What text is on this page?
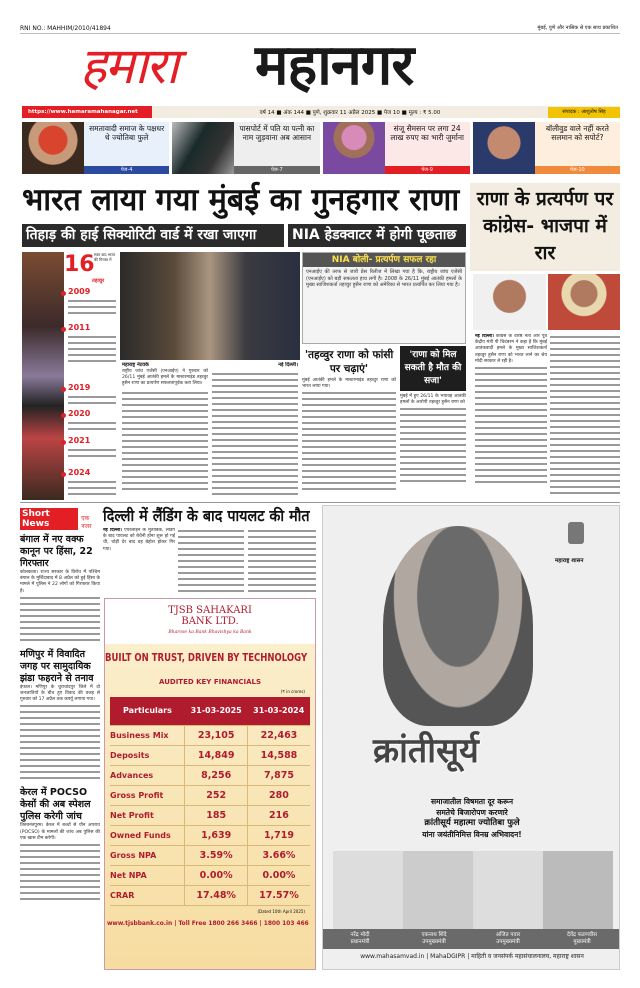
RNI NO.: MAHHIM/2010/41894	मुंबई, पुणे और नासिक से एक साथ प्रकाशित
हमारा महानगर
https://www.hamaramahanagar.net	वर्ष 14 ■ अंक 144 ■ पुणे, शुक्रवार 11 अप्रैल 2025 ■ पेज 10 ■ मूल्य : ₹ 5.00	संपादक : आशुतोष सिंह
समतावादी समाज के पक्षधर थे ज्योतिबा फुले
पेज-4
पासपोर्ट में पति या पत्नी का नाम जुड़वाना अब आसान
पेज-7
संजू सैमसन पर लगा 24 लाख रुपए का भारी जुर्माना
पेज-9
बॉलीवुड वाले नहीं करते सलमान को सपोर्ट?
पेज-10
भारत लाया गया मुंबई का गुनहगार राणा
तिहाड़ की हाई सिक्योरिटी वार्ड में रखा जाएगा	NIA हेडक्वाटर में होगी पूछताछ
राणा के प्रत्यर्पण पर कांग्रेस- भाजपा में रार
16 साल बाद भारत की गिरफ्त में
तहव्वुर
2009
2011
2019
2020
2021
2024
महाराष्ट्र नेटवर्क
राष्ट्रीय जांच एजेंसी (एनआईए) ने गुरुवार को 26/11 मुंबई आतंकी हमले के मास्टरमाइंड तहव्वुर हुसैन राणा का प्रत्यर्पण सफलतापूर्वक करा लिया।
नई दिल्ली।
NIA बोली- प्रत्यर्पण सफल रहा
एनआईए की तरफ से जारी प्रेस रिलीज में लिखा गया है कि, राष्ट्रीय जांच एजेंसी (एनआईए) को बड़ी सफलता हाथ लगी है। 2008 के 26/11 मुंबई आतंकी हमलों के मुख्य साजिशकर्ता तहव्वुर हुसैन राणा को अमेरिका से भारत प्रत्यर्पित कर लिया गया है।
'तहव्वुर राणा को फांसी पर चढ़ाएं'
मुंबई आतंकी हमले के मास्टरमाइंड तहव्वुर राणा को भारत लाया गया।
'राणा को मिल सकती है मौत की सजा'
मुंबई में हुए 26/11 के भयावह आतंकी हमलों के आरोपी तहव्वुर हुसैन राणा को
नई दिल्ली। कांग्रेस के वरिष्ठ नेता और पूर्व केंद्रीय मंत्री पी चिदंबरम ने कहा है कि मुंबई आतंकवादी हमले के मुख्य साजिशकर्ता तहव्वुर हुसैन राणा को भारत लाने का श्रेय मोदी सरकार ले रही है।
Short News
एक नजर
बंगाल में नए वक्फ कानून पर हिंसा, 22 गिरफ्तार
कोलकाता। राज्य सरकार के विरोध में पश्चिम बंगाल के मुर्शिदाबाद में 8 अप्रैल को हुई हिंसा के मामले में पुलिस ने 22 लोगों को गिरफ्तार किया है।
मणिपुर में विवादित जगह पर सामुदायिक झंडा फहराने से तनाव
इंफाल। मणिपुर के चुराचांदपुर जिले में दो जनजातियों के बीच हुए विवाद की वजह से गुरुवार को 17 अप्रैल तक कर्फ्यू लगाया गया।
केरल में POCSO केसों की अब स्पेशल पुलिस करेगी जांच
तिरुवनंतपुरम। केरल में बच्चों से यौन अपराध (POCSO) के मामलों की जांच अब पुलिस की एक खास टीम करेगी।
दिल्ली में लैंडिंग के बाद पायलट की मौत
नई दिल्ली। एयरलाइन के मुताबिक, लैंडिंग के बाद पायलट को बेचैनी होना शुरू हो गई थी, थोड़ी देर बाद वह बेहोश होकर गिर गया।
TJSB SAHAKARI
BANK LTD.
Bharose ka Bank Bhavishya ka Bank
BUILT ON TRUST, DRIVEN BY TECHNOLOGY
AUDITED KEY FINANCIALS
(₹ in crores)
Particulars	31-03-2025	31-03-2024
Business Mix	23,105	22,463
Deposits	14,849	14,588
Advances	8,256	7,875
Gross Profit	252	280
Net Profit	185	216
Owned Funds	1,639	1,719
Gross NPA	3.59%	3.66%
Net NPA	0.00%	0.00%
CRAR	17.48%	17.57%
(Dated 10th April 2025)
www.tjsbbank.co.in | Toll Free 1800 266 3466 | 1800 103 466
महाराष्ट्र शासन
क्रांतीसूर्य
समाजातील विषमता दूर करून
समतेचे बिजारोपण करणारे
क्रांतीसूर्य महात्मा ज्योतिबा फुले
यांना जयंतीनिमित्त विनम्र अभिवादन!
नरेंद्र मोदी
प्रधानमंत्री
एकनाथ शिंदे
उपमुख्यमंत्री
अजित पवार
उपमुख्यमंत्री
देवेंद्र फडणवीस
मुख्यमंत्री
www.mahasamvad.in | MahaDGIPR | माहिती व जनसंपर्क महासंचालनालय, महाराष्ट्र शासन
